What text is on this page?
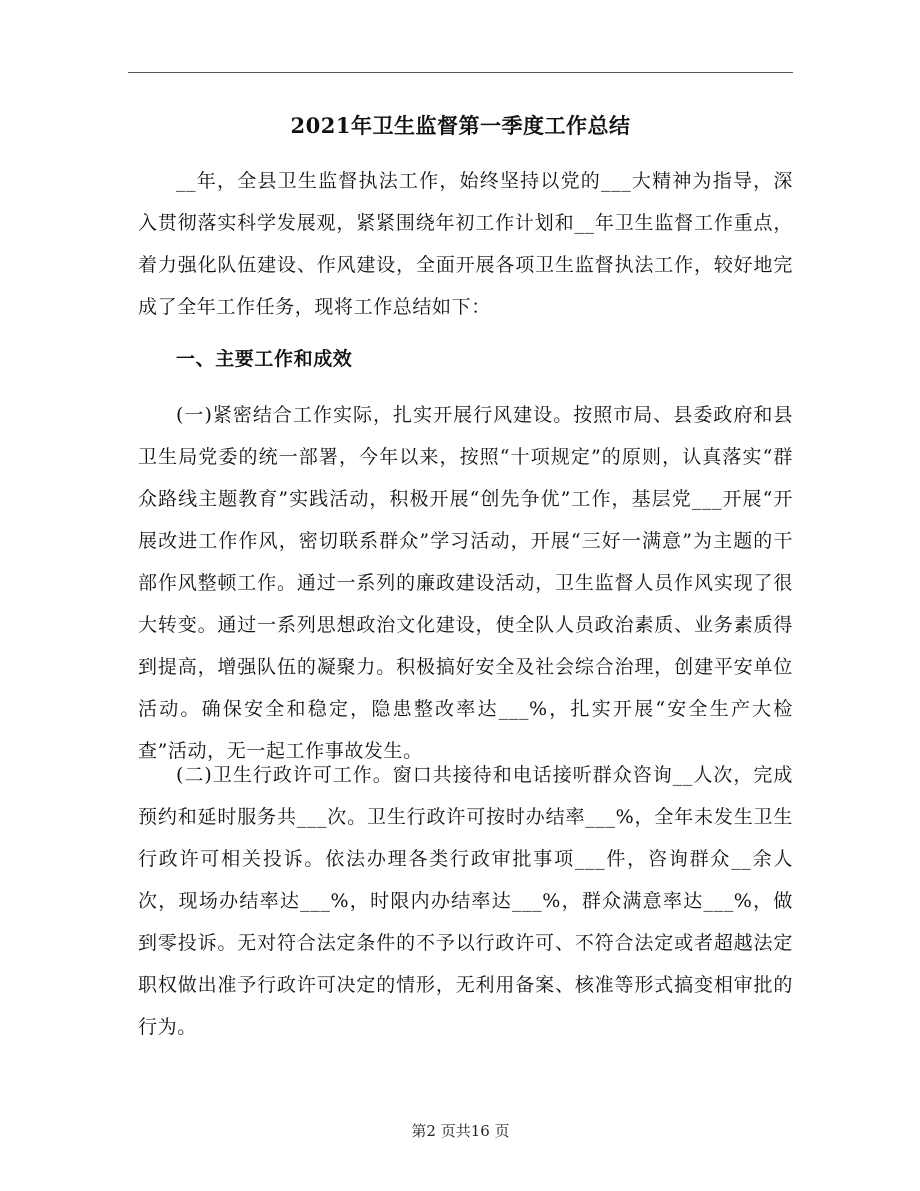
2021年卫生监督第一季度工作总结

__年，全县卫生监督执法工作，始终坚持以党的___大精神为指导，深入贯彻落实科学发展观，紧紧围绕年初工作计划和__年卫生监督工作重点，着力强化队伍建设、作风建设，全面开展各项卫生监督执法工作，较好地完成了全年工作任务，现将工作总结如下：

一、主要工作和成效

(一)紧密结合工作实际，扎实开展行风建设。按照市局、县委政府和县卫生局党委的统一部署，今年以来，按照“十项规定”的原则，认真落实“群众路线主题教育”实践活动，积极开展“创先争优”工作，基层党___开展“开展改进工作作风，密切联系群众”学习活动，开展“三好一满意”为主题的干部作风整顿工作。通过一系列的廉政建设活动，卫生监督人员作风实现了很大转变。通过一系列思想政治文化建设，使全队人员政治素质、业务素质得到提高，增强队伍的凝聚力。积极搞好安全及社会综合治理，创建平安单位活动。确保安全和稳定，隐患整改率达___%，扎实开展“安全生产大检查”活动，无一起工作事故发生。

(二)卫生行政许可工作。窗口共接待和电话接听群众咨询__人次，完成预约和延时服务共___次。卫生行政许可按时办结率___%，全年未发生卫生行政许可相关投诉。依法办理各类行政审批事项___件，咨询群众__余人次，现场办结率达___%，时限内办结率达___%，群众满意率达___%，做到零投诉。无对符合法定条件的不予以行政许可、不符合法定或者超越法定职权做出准予行政许可决定的情形，无利用备案、核准等形式搞变相审批的行为。

第2 页共16 页
